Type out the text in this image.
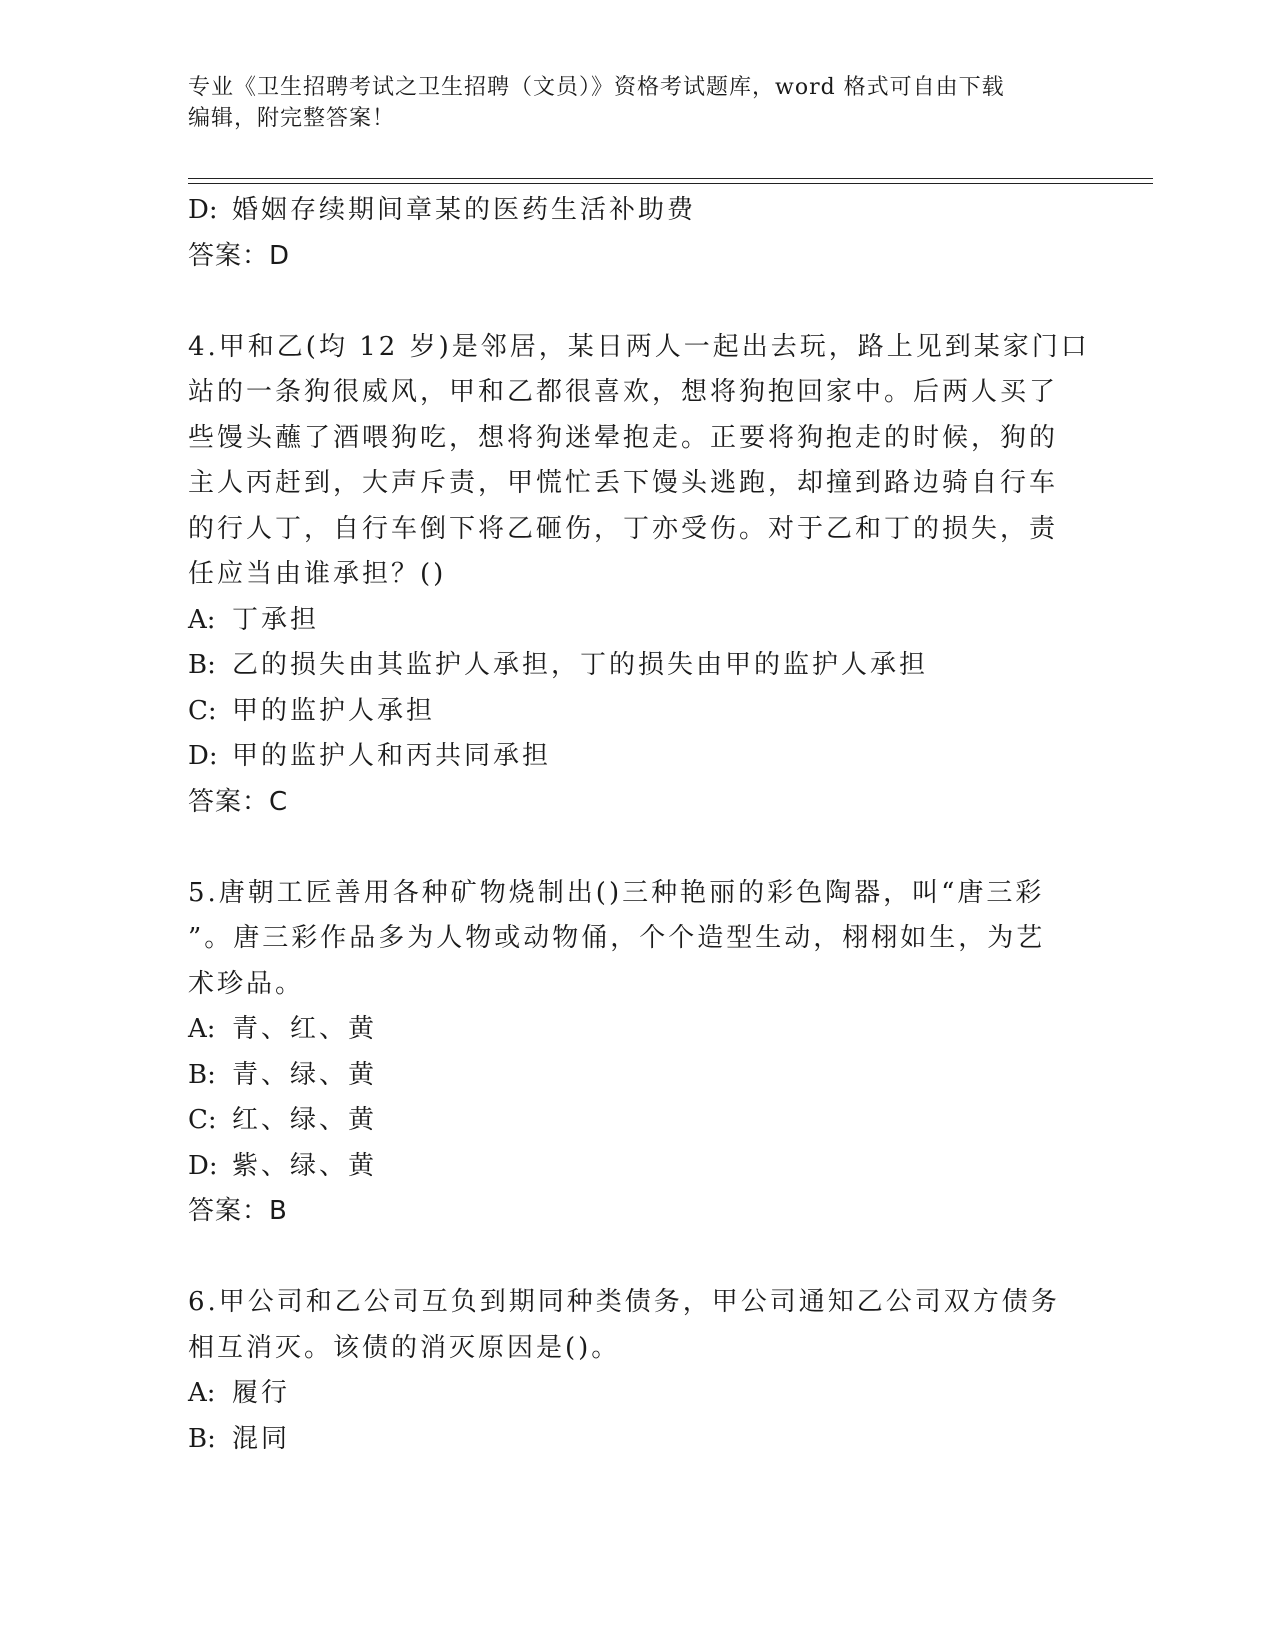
专业《卫生招聘考试之卫生招聘（文员）》资格考试题库，word 格式可自由下载
编辑，附完整答案！
D: 婚姻存续期间章某的医药生活补助费
答案：D
4.甲和乙(均 12 岁)是邻居，某日两人一起出去玩，路上见到某家门口
站的一条狗很威风，甲和乙都很喜欢，想将狗抱回家中。后两人买了
些馒头蘸了酒喂狗吃，想将狗迷晕抱走。正要将狗抱走的时候，狗的
主人丙赶到，大声斥责，甲慌忙丢下馒头逃跑，却撞到路边骑自行车
的行人丁，自行车倒下将乙砸伤，丁亦受伤。对于乙和丁的损失，责
任应当由谁承担？()
A: 丁承担
B: 乙的损失由其监护人承担，丁的损失由甲的监护人承担
C: 甲的监护人承担
D: 甲的监护人和丙共同承担
答案：C
5.唐朝工匠善用各种矿物烧制出()三种艳丽的彩色陶器，叫“唐三彩
”。唐三彩作品多为人物或动物俑，个个造型生动，栩栩如生，为艺
术珍品。
A: 青、红、黄
B: 青、绿、黄
C: 红、绿、黄
D: 紫、绿、黄
答案：B
6.甲公司和乙公司互负到期同种类债务，甲公司通知乙公司双方债务
相互消灭。该债的消灭原因是()。
A: 履行
B: 混同
